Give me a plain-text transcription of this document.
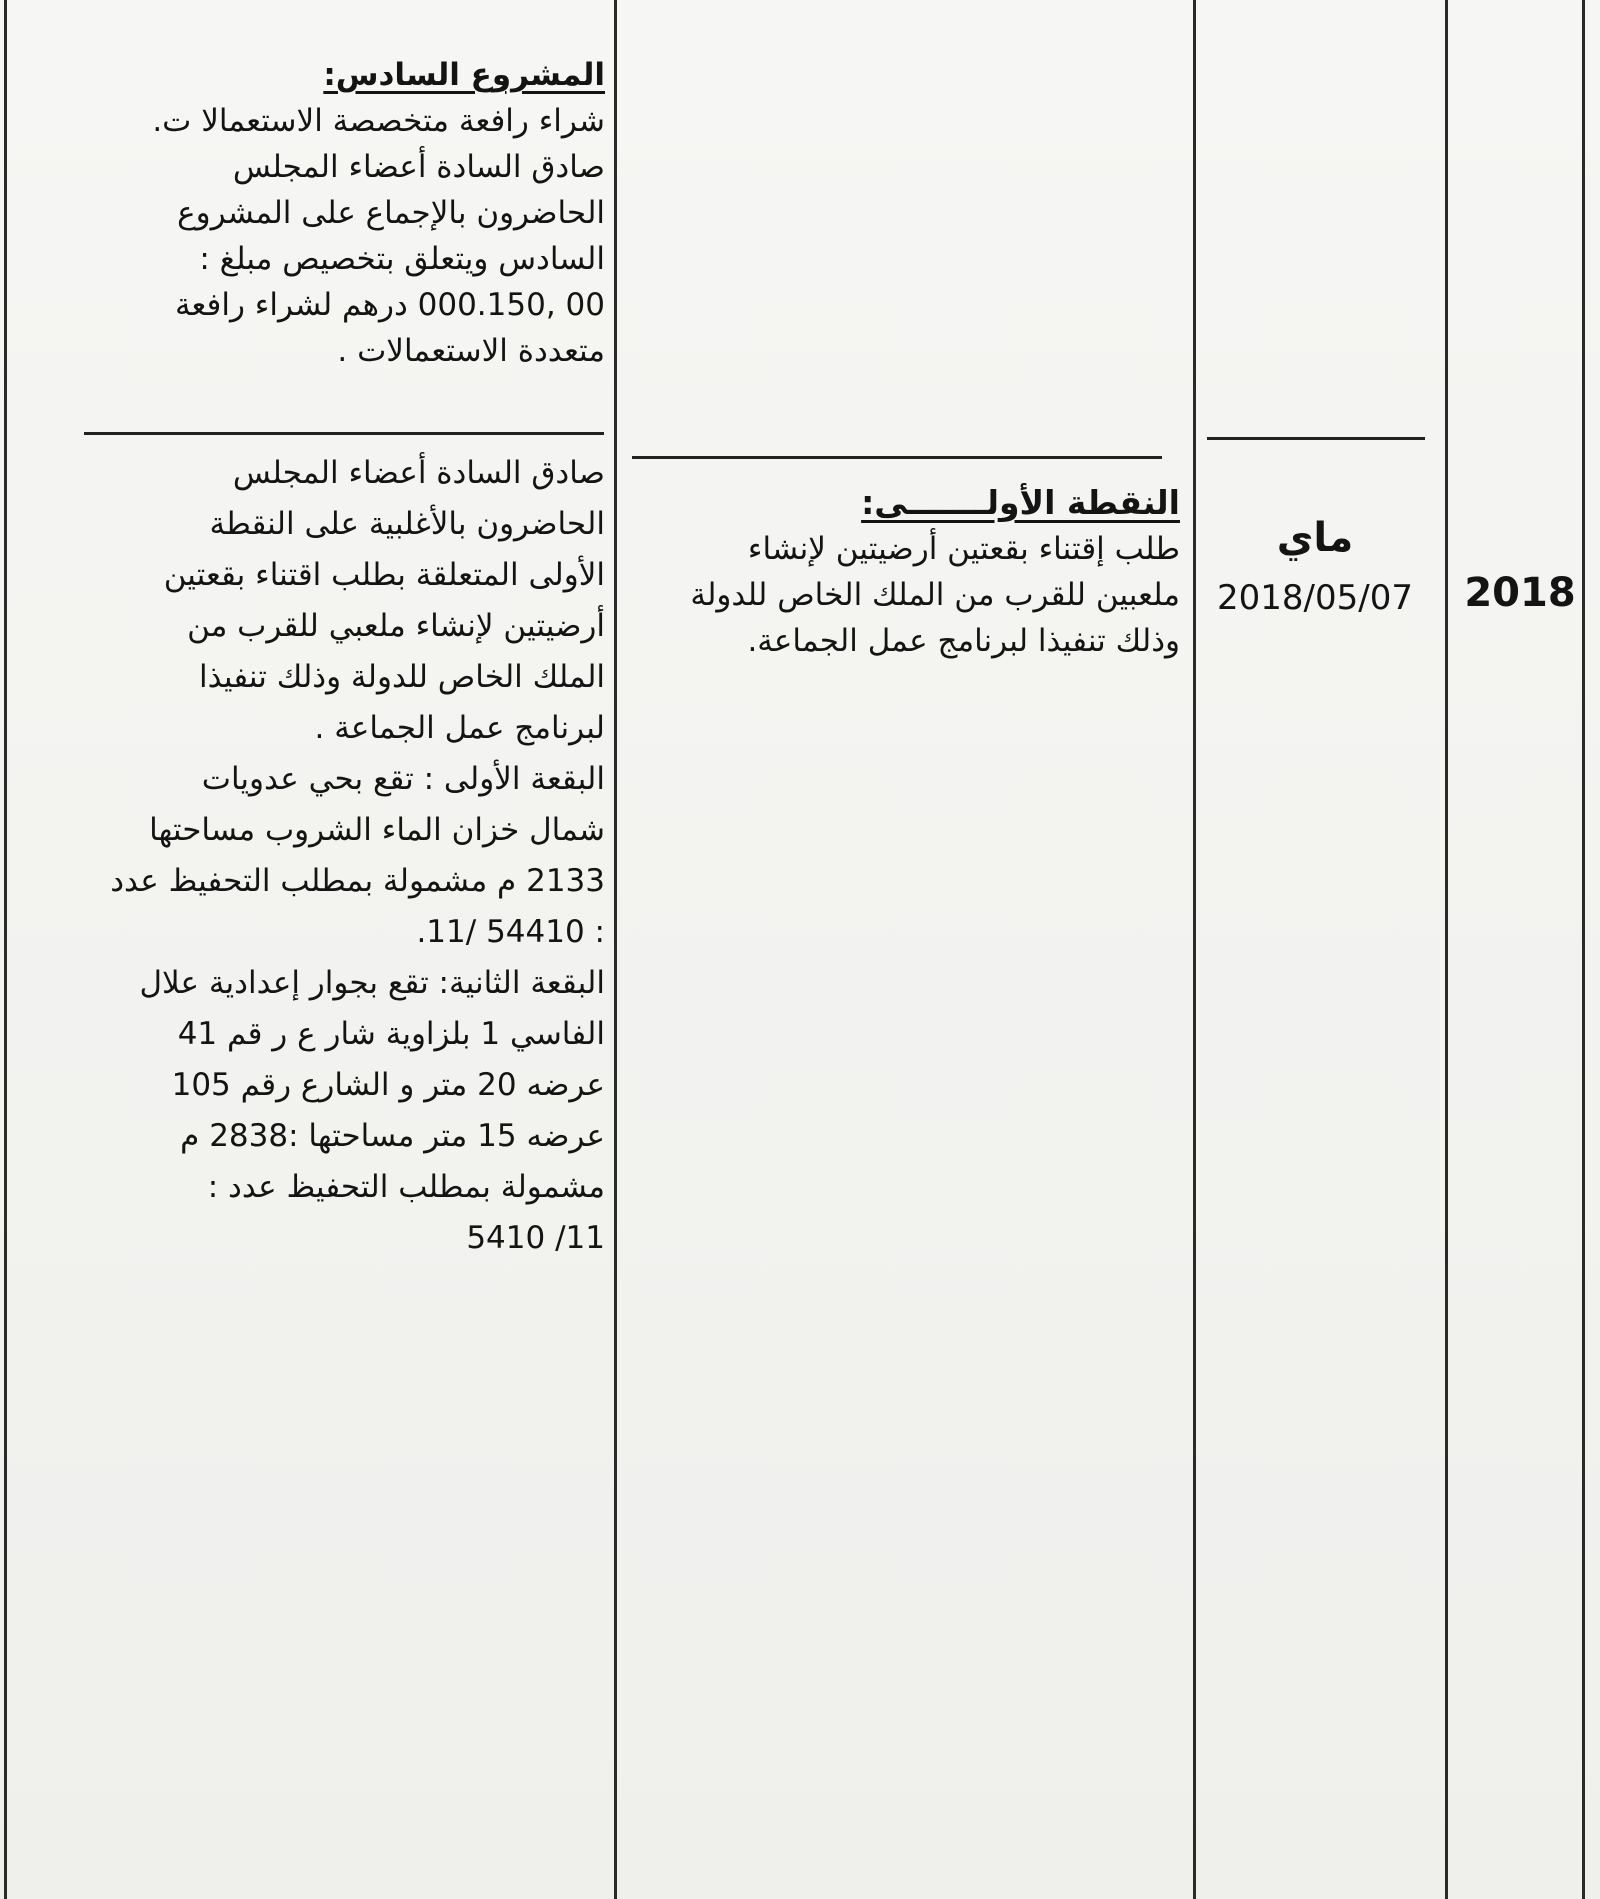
2018
ماي
2018/05/07
النقطة الأولـــــــى:
طلب إقتناء بقعتين أرضيتين لإنشاء
ملعبين للقرب من الملك الخاص للدولة
وذلك تنفيذا لبرنامج عمل الجماعة.
المشروع السادس:
شراء رافعة متخصصة الاستعمالا ت.
صادق السادة أعضاء المجلس
الحاضرون بالإجماع على المشروع
السادس ويتعلق بتخصيص مبلغ :
00 ,000.150 درهم لشراء رافعة
متعددة الاستعمالات .
صادق السادة أعضاء المجلس
الحاضرون بالأغلبية على النقطة
الأولى المتعلقة بطلب اقتناء بقعتين
أرضيتين لإنشاء ملعبي للقرب من
الملك الخاص للدولة وذلك تنفيذا
لبرنامج عمل الجماعة .
البقعة الأولى : تقع بحي عدويات
شمال خزان الماء الشروب مساحتها
2133 م مشمولة بمطلب التحفيظ عدد
: 54410 /11.
البقعة الثانية: تقع بجوار إعدادية علال
الفاسي 1 بلزاوية شار ع ر قم 41
عرضه 20 متر و الشارع رقم 105
عرضه 15 متر مساحتها :2838 م
مشمولة بمطلب التحفيظ عدد :
11/ 5410
